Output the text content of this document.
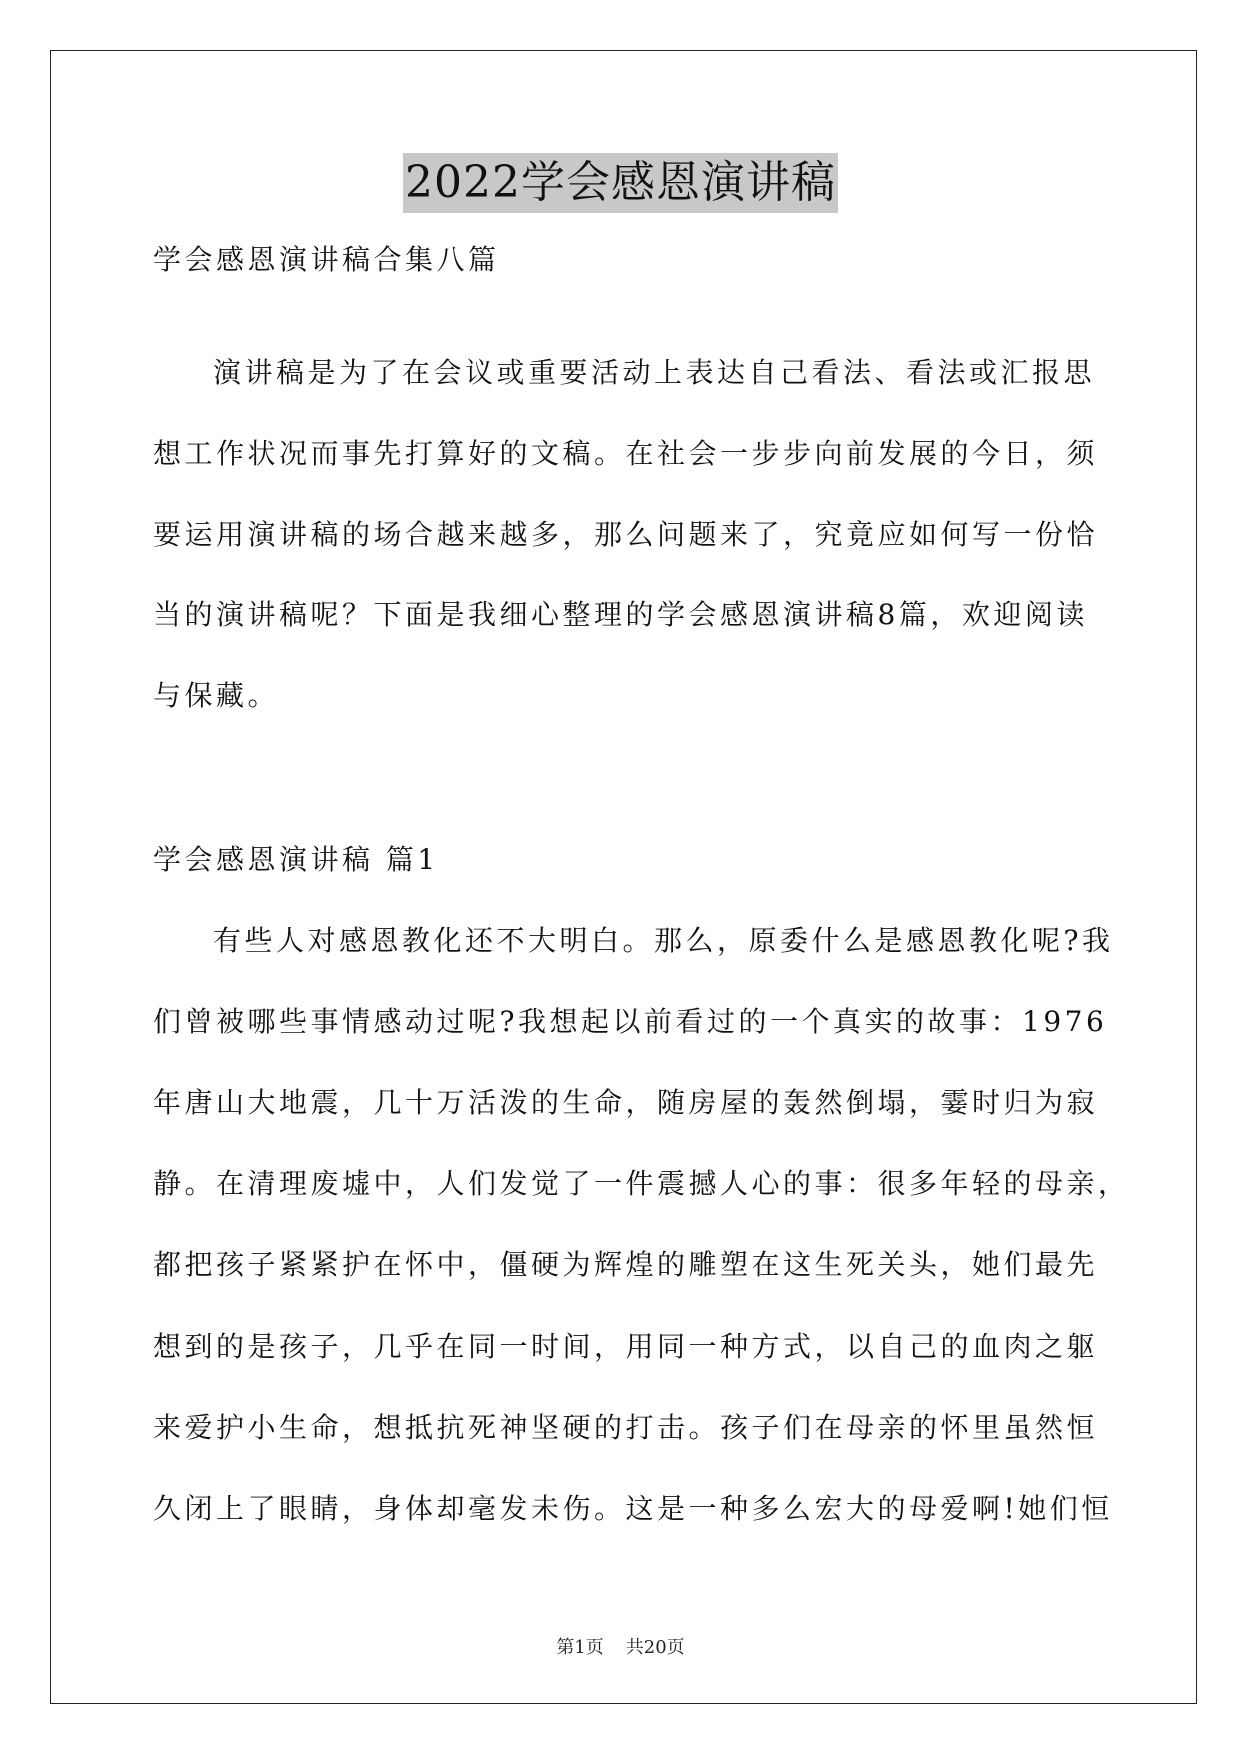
2022学会感恩演讲稿
学会感恩演讲稿合集八篇
演讲稿是为了在会议或重要活动上表达自己看法、看法或汇报思
想工作状况而事先打算好的文稿。在社会一步步向前发展的今日，须
要运用演讲稿的场合越来越多，那么问题来了，究竟应如何写一份恰
当的演讲稿呢？下面是我细心整理的学会感恩演讲稿8篇，欢迎阅读
与保藏。
学会感恩演讲稿 篇1
有些人对感恩教化还不大明白。那么，原委什么是感恩教化呢?我
们曾被哪些事情感动过呢?我想起以前看过的一个真实的故事：1976
年唐山大地震，几十万活泼的生命，随房屋的轰然倒塌，霎时归为寂
静。在清理废墟中，人们发觉了一件震撼人心的事：很多年轻的母亲，
都把孩子紧紧护在怀中，僵硬为辉煌的雕塑在这生死关头，她们最先
想到的是孩子，几乎在同一时间，用同一种方式，以自己的血肉之躯
来爱护小生命，想抵抗死神坚硬的打击。孩子们在母亲的怀里虽然恒
久闭上了眼睛，身体却毫发未伤。这是一种多么宏大的母爱啊!她们恒
第1页 共20页
